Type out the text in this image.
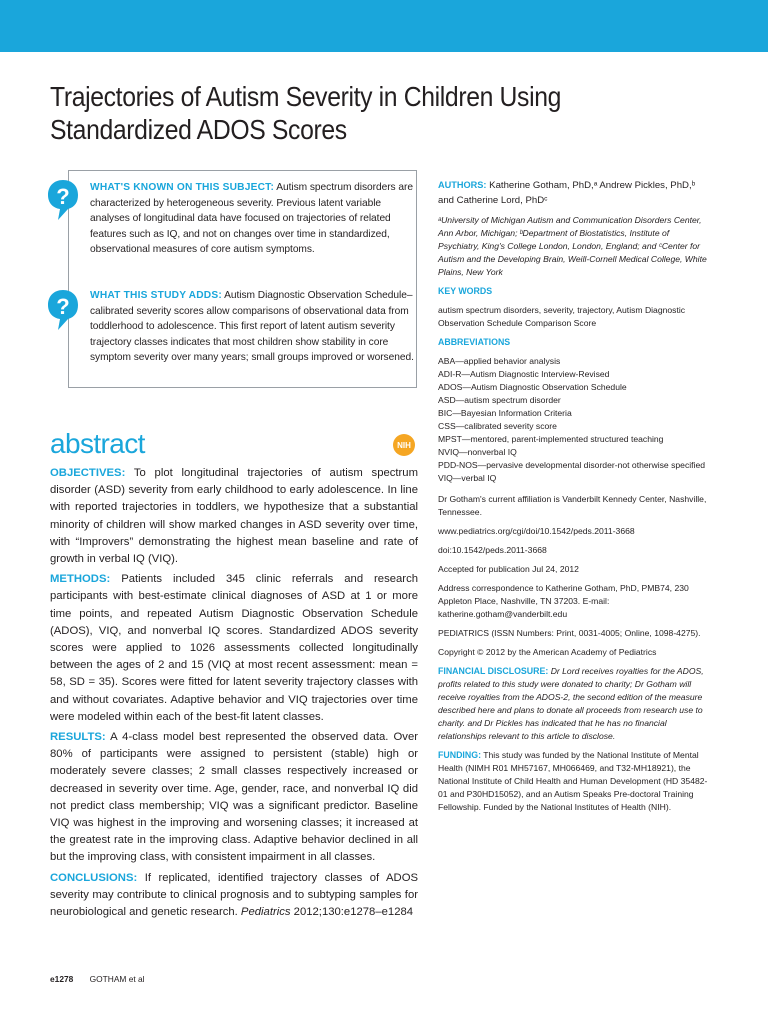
Trajectories of Autism Severity in Children Using
Standardized ADOS Scores
?
?
WHAT'S KNOWN ON THIS SUBJECT: Autism spectrum disorders are characterized by heterogeneous severity. Previous latent variable analyses of longitudinal data have focused on trajectories of related features such as IQ, and not on changes over time in standardized, observational measures of core autism symptoms.
WHAT THIS STUDY ADDS: Autism Diagnostic Observation Schedule–calibrated severity scores allow comparisons of observational data from toddlerhood to adolescence. This first report of latent autism severity trajectory classes indicates that most children show stability in core symptom severity over many years; small groups improved or worsened.
abstract	NIH

OBJECTIVES: To plot longitudinal trajectories of autism spectrum disorder (ASD) severity from early childhood to early adolescence. In line with reported trajectories in toddlers, we hypothesize that a substantial minority of children will show marked changes in ASD severity over time, with “Improvers” demonstrating the highest mean baseline and rate of growth in verbal IQ (VIQ).

METHODS: Patients included 345 clinic referrals and research participants with best-estimate clinical diagnoses of ASD at 1 or more time points, and repeated Autism Diagnostic Observation Schedule (ADOS), VIQ, and nonverbal IQ scores. Standardized ADOS severity scores were applied to 1026 assessments collected longitudinally between the ages of 2 and 15 (VIQ at most recent assessment: mean = 58, SD = 35). Scores were fitted for latent severity trajectory classes with and without covariates. Adaptive behavior and VIQ trajectories over time were modeled within each of the best-fit latent classes.

RESULTS: A 4-class model best represented the observed data. Over 80% of participants were assigned to persistent (stable) high or moderately severe classes; 2 small classes respectively increased or decreased in severity over time. Age, gender, race, and nonverbal IQ did not predict class membership; VIQ was a significant predictor. Baseline VIQ was highest in the improving and worsening classes; it increased at the greatest rate in the improving class. Adaptive behavior declined in all but the improving class, with consistent impairment in all classes.

CONCLUSIONS: If replicated, identified trajectory classes of ADOS severity may contribute to clinical prognosis and to subtyping samples for neurobiological and genetic research. Pediatrics 2012;130:e1278–e1284

AUTHORS: Katherine Gotham, PhD,ᵃ Andrew Pickles, PhD,ᵇ and Catherine Lord, PhDᶜ

ᵃUniversity of Michigan Autism and Communication Disorders Center, Ann Arbor, Michigan; ᵇDepartment of Biostatistics, Institute of Psychiatry, King's College London, London, England; and ᶜCenter for Autism and the Developing Brain, Weill-Cornell Medical College, White Plains, New York

KEY WORDS

autism spectrum disorders, severity, trajectory, Autism Diagnostic Observation Schedule Comparison Score

ABBREVIATIONS

ABA—applied behavior analysis
ADI-R—Autism Diagnostic Interview-Revised
ADOS—Autism Diagnostic Observation Schedule
ASD—autism spectrum disorder
BIC—Bayesian Information Criteria
CSS—calibrated severity score
MPST—mentored, parent-implemented structured teaching
NVIQ—nonverbal IQ
PDD-NOS—pervasive developmental disorder-not otherwise specified
VIQ—verbal IQ

Dr Gotham's current affiliation is Vanderbilt Kennedy Center, Nashville, Tennessee.

www.pediatrics.org/cgi/doi/10.1542/peds.2011-3668

doi:10.1542/peds.2011-3668

Accepted for publication Jul 24, 2012

Address correspondence to Katherine Gotham, PhD, PMB74, 230 Appleton Place, Nashville, TN 37203. E-mail: katherine.gotham@vanderbilt.edu

PEDIATRICS (ISSN Numbers: Print, 0031-4005; Online, 1098-4275).

Copyright © 2012 by the American Academy of Pediatrics

FINANCIAL DISCLOSURE: Dr Lord receives royalties for the ADOS, profits related to this study were donated to charity; Dr Gotham will receive royalties from the ADOS-2, the second edition of the measure described here and plans to donate all proceeds from research use to charity. and Dr Pickles has indicated that he has no financial relationships relevant to this article to disclose.

FUNDING: This study was funded by the National Institute of Mental Health (NIMH R01 MH57167, MH066469, and T32-MH18921), the National Institute of Child Health and Human Development (HD 35482-01 and P30HD15052), and an Autism Speaks Pre-doctoral Training Fellowship. Funded by the National Institutes of Health (NIH).

e1278 GOTHAM et al
